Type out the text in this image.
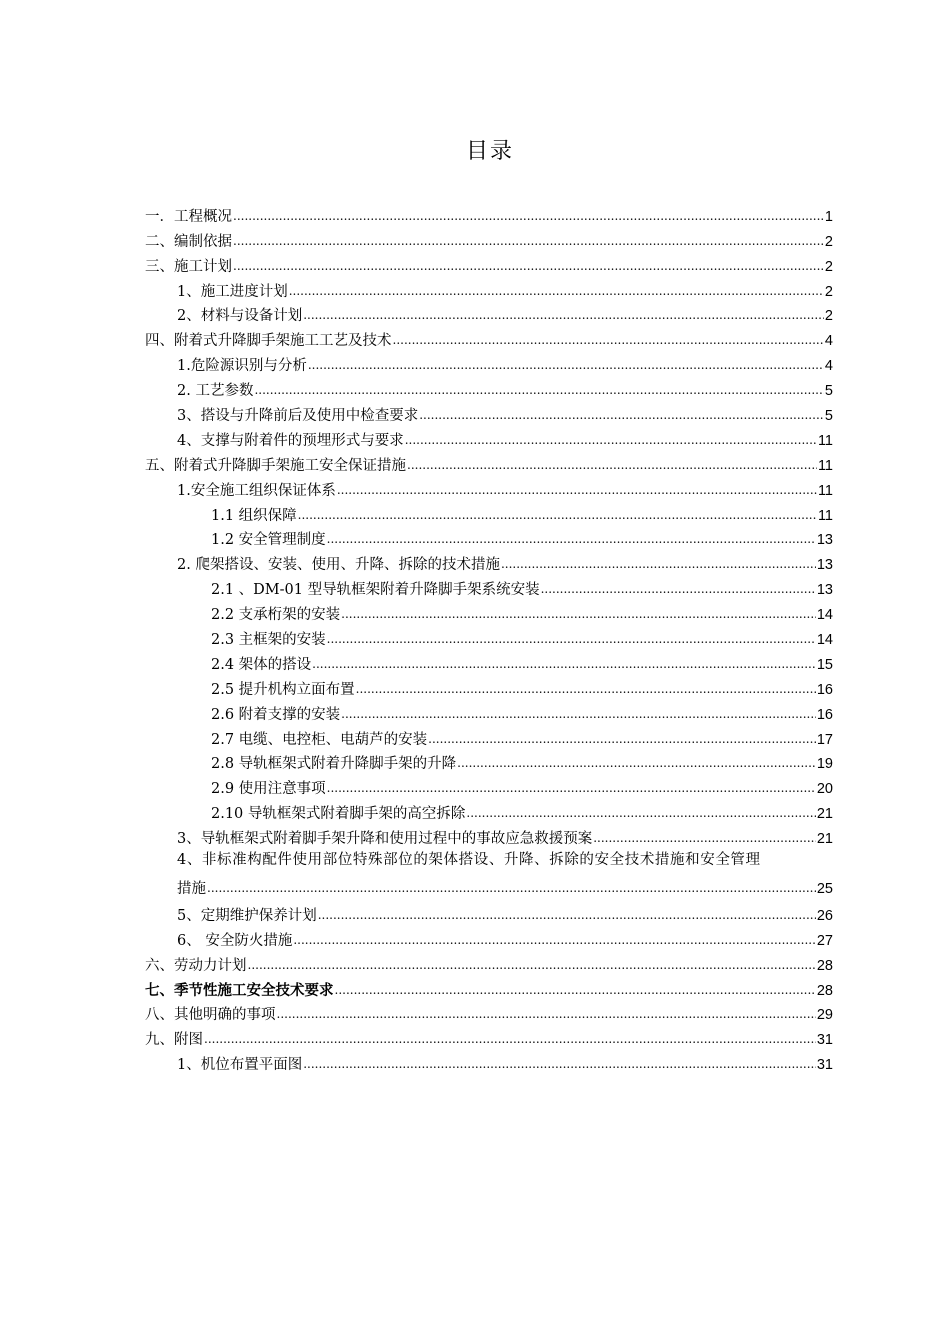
目录
一．工程概况 .....	1
二、编制依据 .....	2
三、施工计划 .....	2
1、施工进度计划 .....	2
2、材料与设备计划 .....	2
四、附着式升降脚手架施工工艺及技术 .....	4
1.危险源识别与分析 .....	4
2. 工艺参数 .....	5
3、搭设与升降前后及使用中检查要求 .....	5
4、支撑与附着件的预埋形式与要求 .....	11
五、附着式升降脚手架施工安全保证措施 .....	11
1.安全施工组织保证体系 .....	11
1.1 组织保障 .....	11
1.2 安全管理制度 .....	13
2. 爬架搭设、安装、使用、升降、拆除的技术措施 .....	13
2.1 、DM-01 型导轨框架附着升降脚手架系统安装 .....	13
2.2 支承桁架的安装 .....	14
2.3 主框架的安装 .....	14
2.4 架体的搭设 .....	15
2.5 提升机构立面布置 .....	16
2.6 附着支撑的安装 .....	16
2.7 电缆、电控柜、电葫芦的安装 .....	17
2.8 导轨框架式附着升降脚手架的升降 .....	19
2.9 使用注意事项 .....	20
2.10 导轨框架式附着脚手架的高空拆除 .....	21
3、导轨框架式附着脚手架升降和使用过程中的事故应急救援预案 .....	21
4、非标准构配件使用部位特殊部位的架体搭设、升降、拆除的安全技术措施和安全管理
措施 .....	25
5、定期维护保养计划 .....	26
6、 安全防火措施 .....	27
六、劳动力计划 .....	28
七、季节性施工安全技术要求 .....	28
八、其他明确的事项 .....	29
九、附图 .....	31
1、机位布置平面图 .....	31
